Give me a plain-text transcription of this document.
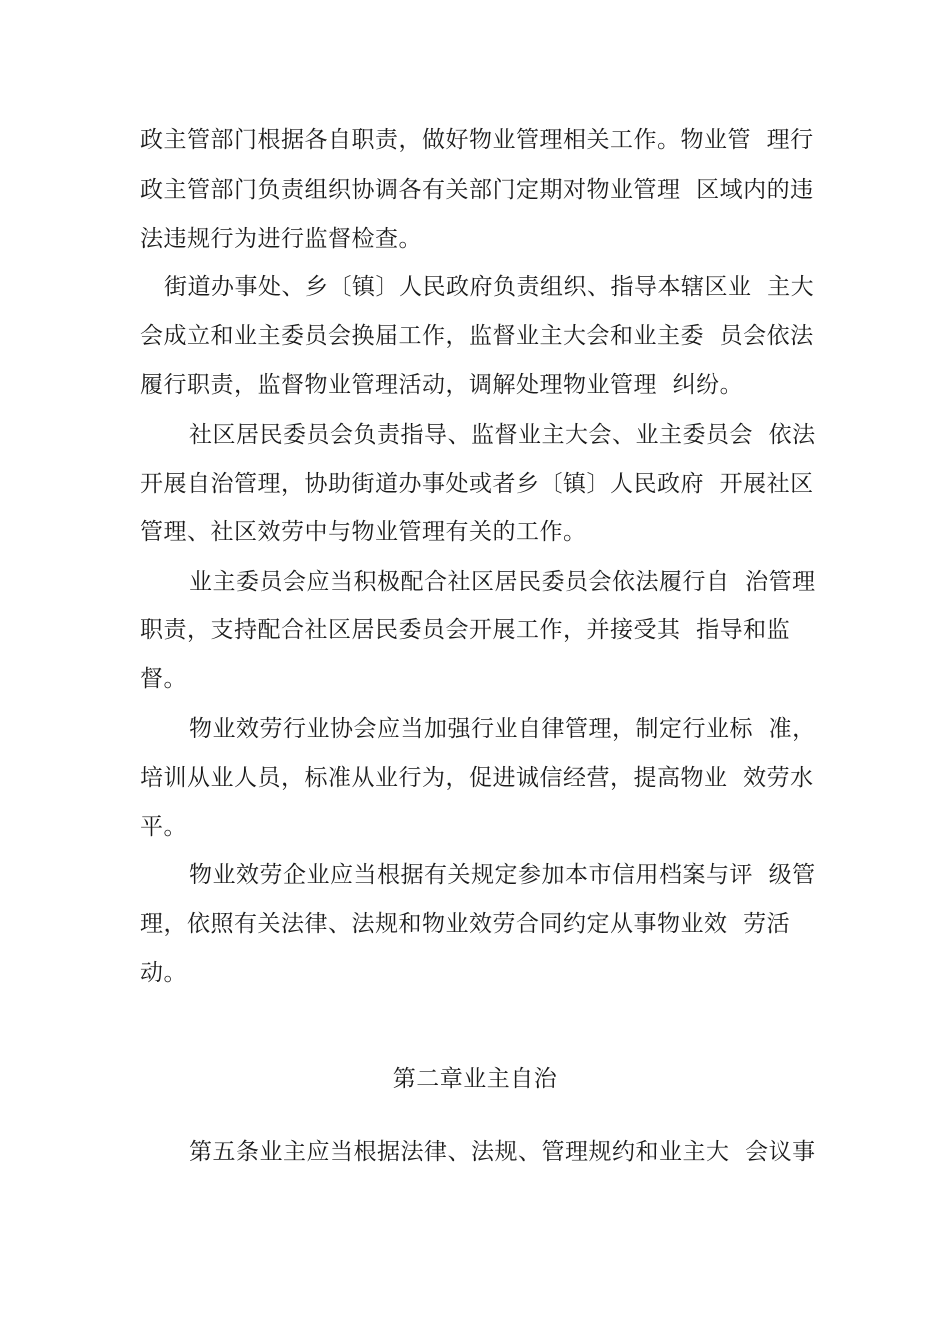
政主管部门根据各自职责，做好物业管理相关工作。物业管  理行
政主管部门负责组织协调各有关部门定期对物业管理  区域内的违
法违规行为进行监督检查。
街道办事处、乡〔镇〕人民政府负责组织、指导本辖区业  主大
会成立和业主委员会换届工作，监督业主大会和业主委  员会依法
履行职责，监督物业管理活动，调解处理物业管理  纠纷。
社区居民委员会负责指导、监督业主大会、业主委员会  依法
开展自治管理，协助街道办事处或者乡〔镇〕人民政府  开展社区
管理、社区效劳中与物业管理有关的工作。
业主委员会应当积极配合社区居民委员会依法履行自  治管理
职责，支持配合社区居民委员会开展工作，并接受其  指导和监
督。
物业效劳行业协会应当加强行业自律管理，制定行业标  准，
培训从业人员，标准从业行为，促进诚信经营，提高物业  效劳水
平。
物业效劳企业应当根据有关规定参加本市信用档案与评  级管
理，依照有关法律、法规和物业效劳合同约定从事物业效  劳活
动。
第二章业主自治
第五条业主应当根据法律、法规、管理规约和业主大  会议事
